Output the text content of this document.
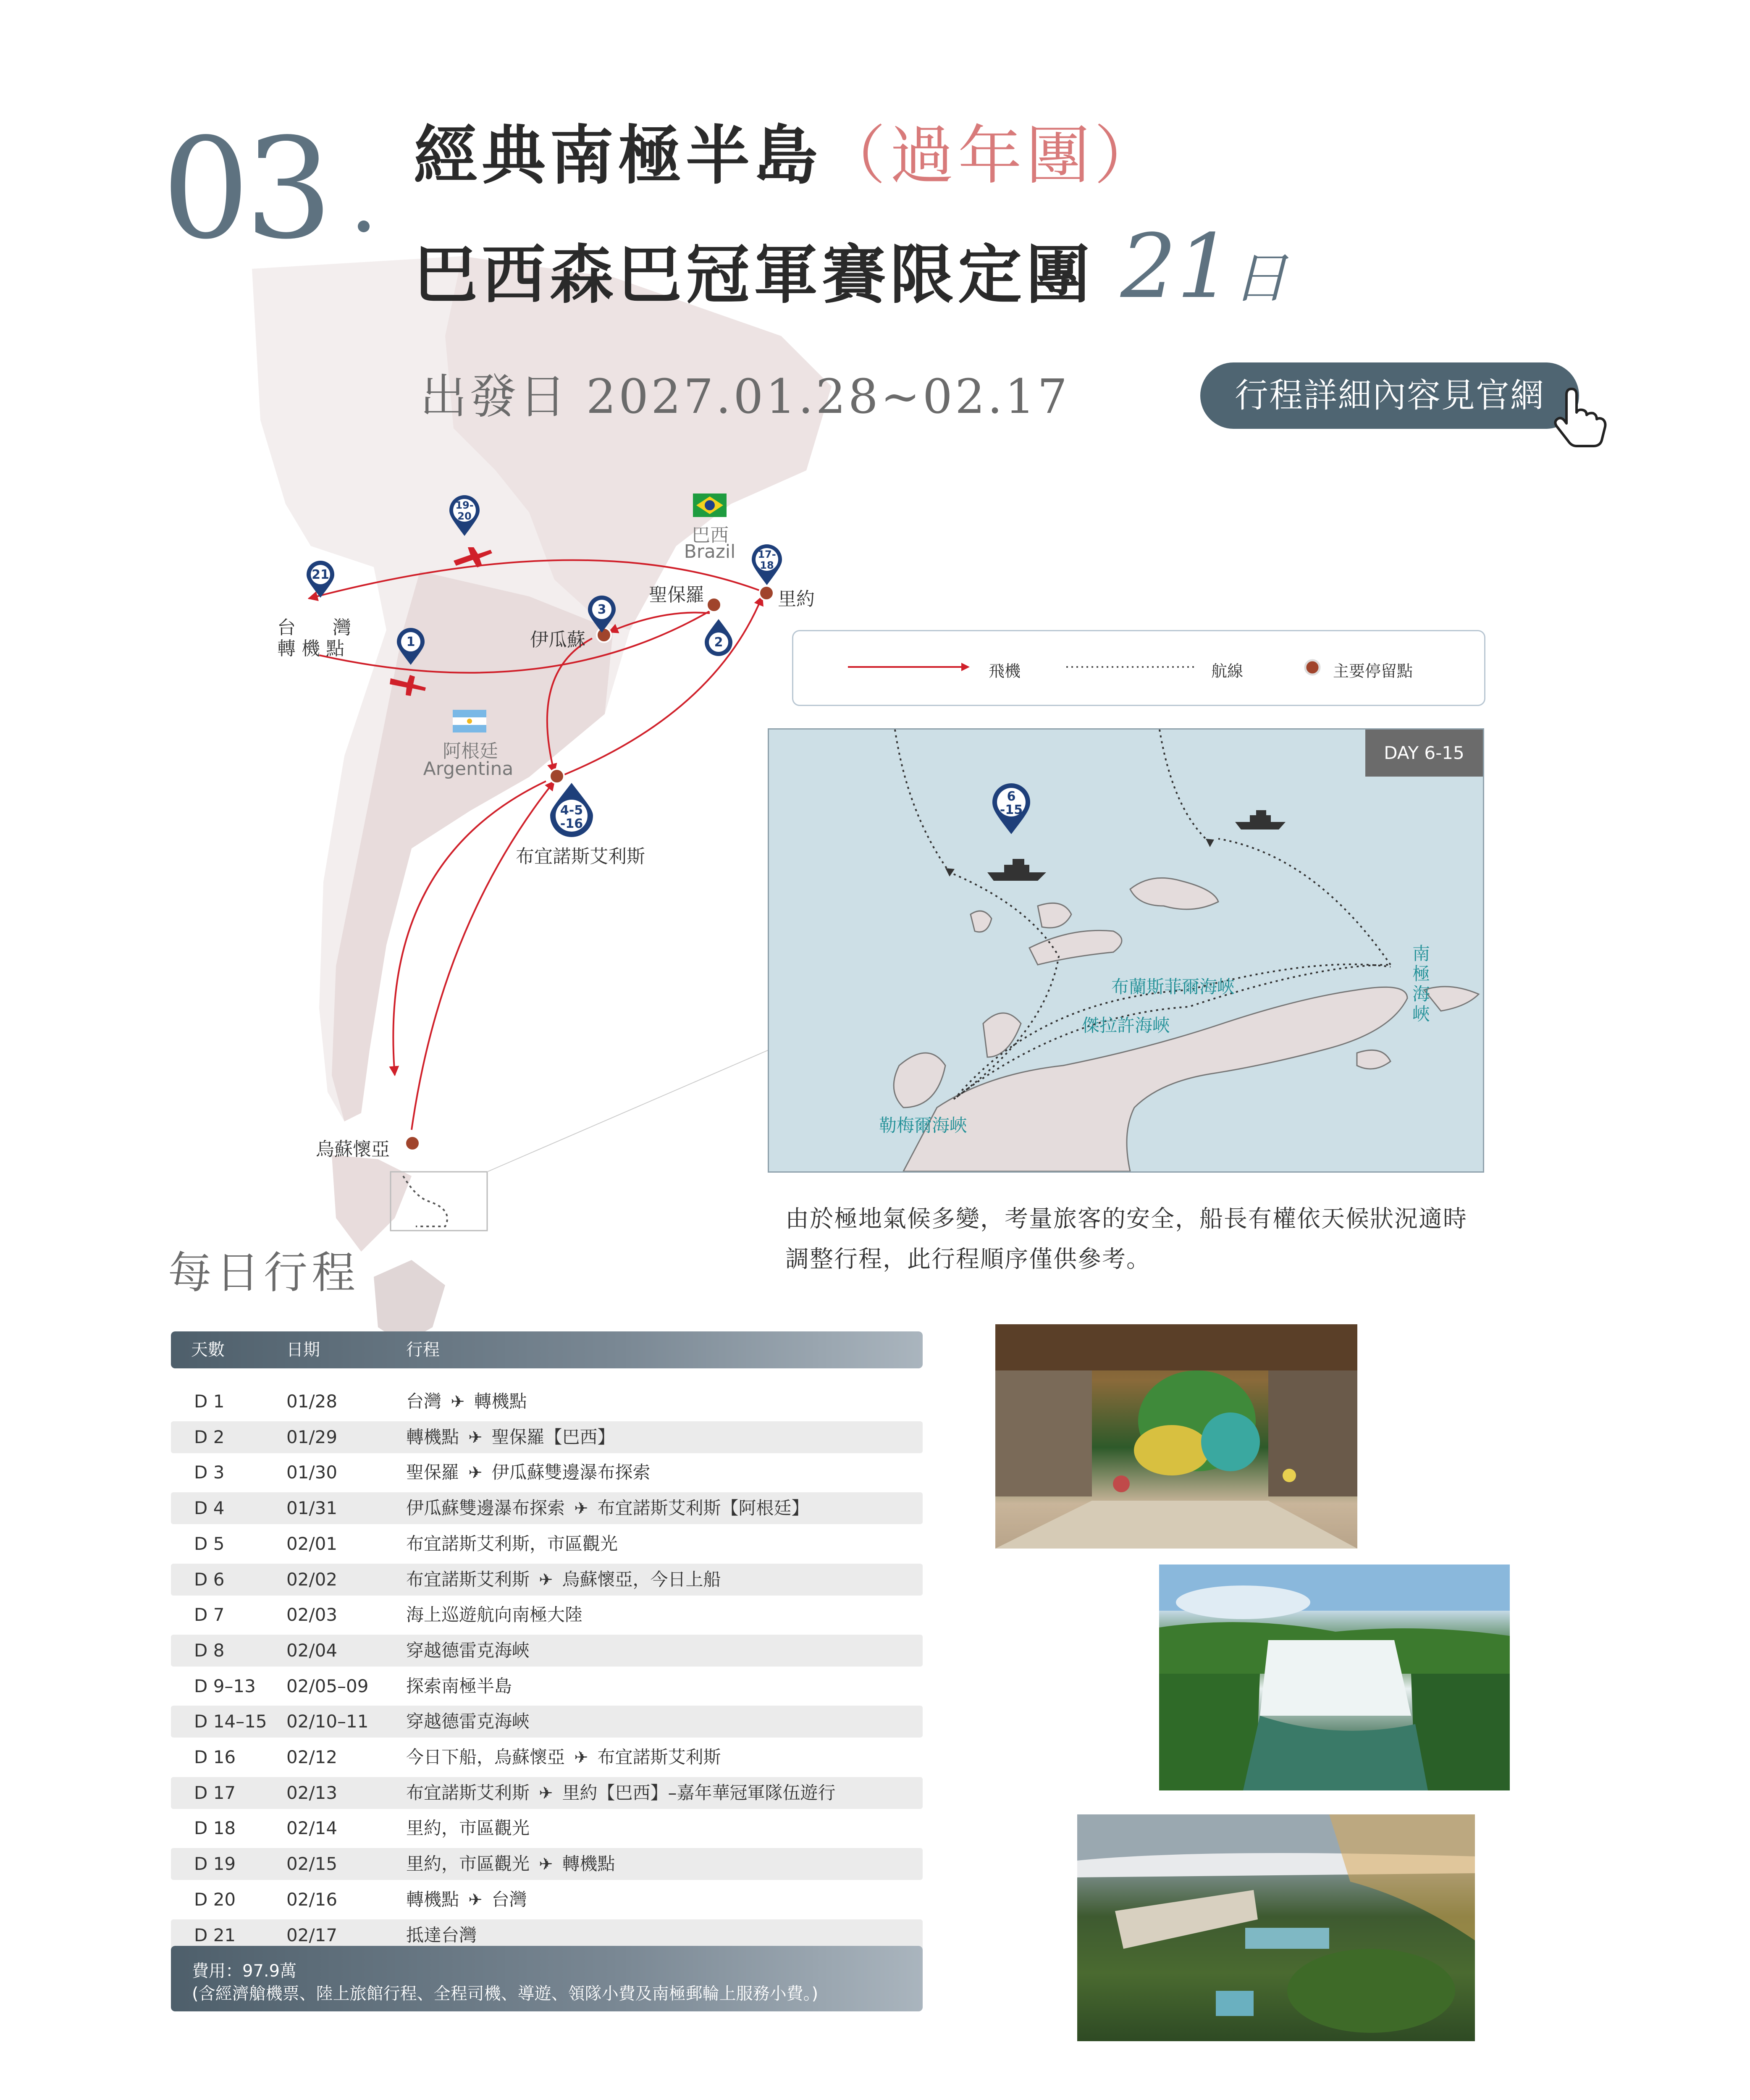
21
1
19-
20
17-
18
3
2
4-5
-16
巴西
Brazil
阿根廷
Argentina
台　　灣
轉 機 點
聖保羅	里約
伊瓜蘇
布宜諾斯艾利斯
烏蘇懷亞
03 經典南極半島（過年團）
巴西森巴冠軍賽限定團 21日
出發日 2027.01.28~02.17	行程詳細內容見官網
飛機	航線	主要停留點
DAY 6-15
6
-15
布蘭斯菲爾海峽
傑拉許海峽
勒梅爾海峽
南
極
海
峽
由於極地氣候多變，考量旅客的安全，船長有權依天候狀況適時
調整行程，此行程順序僅供參考。
每日行程
天數	日期	行程
D 1	01/28	台灣 ✈ 轉機點
D 2	01/29	轉機點 ✈ 聖保羅【巴西】
D 3	01/30	聖保羅 ✈ 伊瓜蘇雙邊瀑布探索
D 4	01/31	伊瓜蘇雙邊瀑布探索 ✈ 布宜諾斯艾利斯【阿根廷】
D 5	02/01	布宜諾斯艾利斯，市區觀光
D 6	02/02	布宜諾斯艾利斯 ✈ 烏蘇懷亞，今日上船
D 7	02/03	海上巡遊航向南極大陸
D 8	02/04	穿越德雷克海峽
D 9–13 02/05–09 探索南極半島
D 14–15 02/10–11 穿越德雷克海峽
D 16	02/12	今日下船，烏蘇懷亞 ✈ 布宜諾斯艾利斯
D 17	02/13	布宜諾斯艾利斯 ✈ 里約【巴西】–嘉年華冠軍隊伍遊行
D 18	02/14	里約，市區觀光
D 19	02/15	里約，市區觀光 ✈ 轉機點
D 20	02/16	轉機點 ✈ 台灣
D 21	02/17	抵達台灣
費用：97.9萬
(含經濟艙機票、陸上旅館行程、全程司機、導遊、領隊小費及南極郵輪上服務小費。)
